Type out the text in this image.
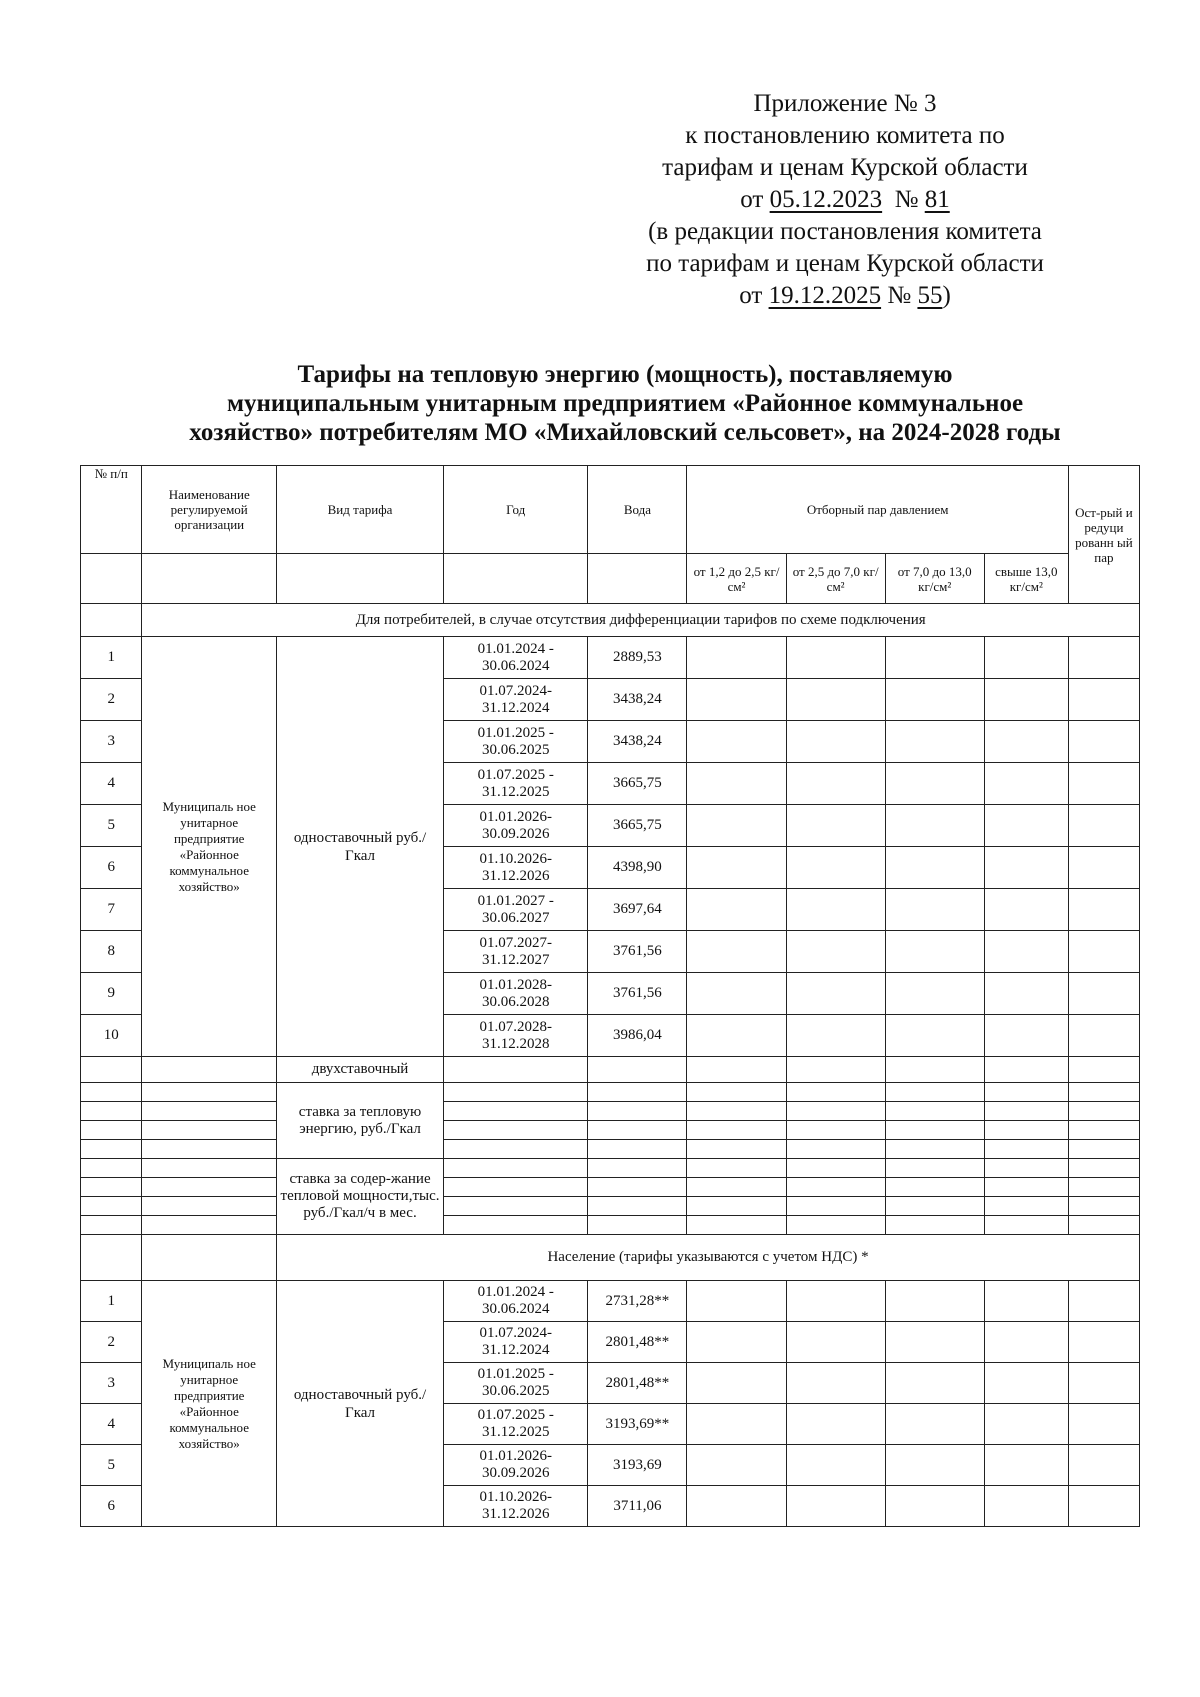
Приложение № 3
к постановлению комитета по
тарифам и ценам Курской области
от 05.12.2023  № 81
(в редакции постановления комитета
по тарифам и ценам Курской области
от 19.12.2025 № 55)
Тарифы на тепловую энергию (мощность), поставляемую
муниципальным унитарным предприятием «Районное коммунальное
хозяйство» потребителям МО «Михайловский сельсовет», на 2024-2028 годы
№ п/п	Наименование регулируемой организации	Вид тарифа	Год	Вода	Отборный пар давлением				Ост-рый и редуци рованн ый пар
					от 1,2 до 2,5 кг/см²	от 2,5 до 7,0 кг/см²	от 7,0 до 13,0 кг/см²	свыше 13,0 кг/см²	
	Для потребителей, в случае отсутствия дифференциации тарифов по схеме подключения								
1	Муниципаль ное унитарное предприятие «Районное коммунальное хозяйство»	одноставочный руб./Гкал	01.01.2024 - 30.06.2024	2889,53					
2			01.07.2024- 31.12.2024	3438,24					
3			01.01.2025 - 30.06.2025	3438,24					
4			01.07.2025 - 31.12.2025	3665,75					
5			01.01.2026- 30.09.2026	3665,75					
6			01.10.2026- 31.12.2026	4398,90					
7			01.01.2027 - 30.06.2027	3697,64					
8			01.07.2027- 31.12.2027	3761,56					
9			01.01.2028- 30.06.2028	3761,56					
10			01.07.2028- 31.12.2028	3986,04					
		двухставочный							
		ставка за тепловую энергию, руб./Гкал							

		ставка за содер-жание тепловой мощности,тыс. руб./Гкал/ч в мес.							

		Население (тарифы указываются с учетом НДС) *							
1	Муниципаль ное унитарное предприятие «Районное коммунальное хозяйство»	одноставочный руб./Гкал	01.01.2024 - 30.06.2024	2731,28**					
2			01.07.2024- 31.12.2024	2801,48**					
3			01.01.2025 - 30.06.2025	2801,48**					
4			01.07.2025 - 31.12.2025	3193,69**					
5			01.01.2026- 30.09.2026	3193,69					
6			01.10.2026- 31.12.2026	3711,06					
